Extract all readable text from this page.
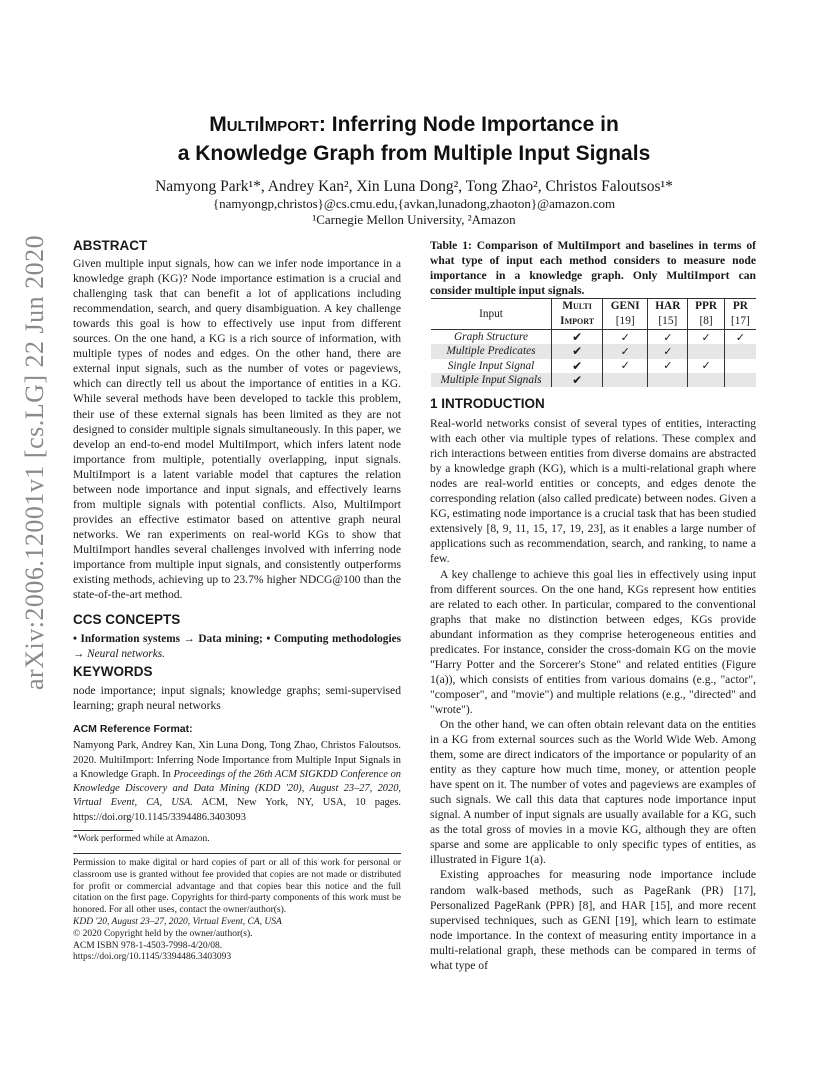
arXiv:2006.12001v1 [cs.LG] 22 Jun 2020
MultiImport: Inferring Node Importance in
a Knowledge Graph from Multiple Input Signals
Namyong Park¹*, Andrey Kan², Xin Luna Dong², Tong Zhao², Christos Faloutsos¹*
{namyongp,christos}@cs.cmu.edu,{avkan,lunadong,zhaoton}@amazon.com
¹Carnegie Mellon University, ²Amazon
ABSTRACT

Given multiple input signals, how can we infer node importance in a knowledge graph (KG)? Node importance estimation is a crucial and challenging task that can benefit a lot of applications including recommendation, search, and query disambiguation. A key challenge towards this goal is how to effectively use input from different sources. On the one hand, a KG is a rich source of information, with multiple types of nodes and edges. On the other hand, there are external input signals, such as the number of votes or pageviews, which can directly tell us about the importance of entities in a KG. While several methods have been developed to tackle this problem, their use of these external signals has been limited as they are not designed to consider multiple signals simultaneously. In this paper, we develop an end-to-end model MultiImport, which infers latent node importance from multiple, potentially overlapping, input signals. MultiImport is a latent variable model that captures the relation between node importance and input signals, and effectively learns from multiple signals with potential conflicts. Also, MultiImport provides an effective estimator based on attentive graph neural networks. We ran experiments on real-world KGs to show that MultiImport handles several challenges involved with inferring node importance from multiple input signals, and consistently outperforms existing methods, achieving up to 23.7% higher NDCG@100 than the state-of-the-art method.

CCS CONCEPTS

• Information systems → Data mining; • Computing methodologies → Neural networks.

KEYWORDS

node importance; input signals; knowledge graphs; semi-supervised learning; graph neural networks

ACM Reference Format:
Namyong Park, Andrey Kan, Xin Luna Dong, Tong Zhao, Christos Faloutsos. 2020. MultiImport: Inferring Node Importance from Multiple Input Signals in a Knowledge Graph. In Proceedings of the 26th ACM SIGKDD Conference on Knowledge Discovery and Data Mining (KDD '20), August 23–27, 2020, Virtual Event, CA, USA. ACM, New York, NY, USA, 10 pages. https://doi.org/10.1145/3394486.3403093
*Work performed while at Amazon.
Permission to make digital or hard copies of part or all of this work for personal or classroom use is granted without fee provided that copies are not made or distributed for profit or commercial advantage and that copies bear this notice and the full citation on the first page. Copyrights for third-party components of this work must be honored. For all other uses, contact the owner/author(s).
KDD '20, August 23–27, 2020, Virtual Event, CA, USA
© 2020 Copyright held by the owner/author(s).
ACM ISBN 978-1-4503-7998-4/20/08.
https://doi.org/10.1145/3394486.3403093
Table 1: Comparison of MultiImport and baselines in terms of what type of input each method considers to measure node importance in a knowledge graph. Only MultiImport can consider multiple input signals.
Input	Multi	GENI	HAR	PPR	PR
	Import	[19]	[15]	[8]	[17]

Graph Structure	✔	✓	✓	✓	✓
Multiple Predicates	✔	✓	✓		
Single Input Signal	✔	✓	✓	✓	
Multiple Input Signals	✔				
1 INTRODUCTION

Real-world networks consist of several types of entities, interacting with each other via multiple types of relations. These complex and rich interactions between entities from diverse domains are abstracted by a knowledge graph (KG), which is a multi-relational graph where nodes are real-world entities or concepts, and edges denote the corresponding relation (also called predicate) between nodes. Given a KG, estimating node importance is a crucial task that has been studied extensively [8, 9, 11, 15, 17, 19, 23], as it enables a large number of applications such as recommendation, search, and ranking, to name a few.

A key challenge to achieve this goal lies in effectively using input from different sources. On the one hand, KGs represent how entities are related to each other. In particular, compared to the conventional graphs that make no distinction between edges, KGs provide abundant information as they comprise heterogeneous entities and predicates. For instance, consider the cross-domain KG on the movie "Harry Potter and the Sorcerer's Stone" and related entities (Figure 1(a)), which consists of entities from various domains (e.g., "actor", "composer", and "movie") and multiple relations (e.g., "directed" and "wrote").

On the other hand, we can often obtain relevant data on the entities in a KG from external sources such as the World Wide Web. Among them, some are direct indicators of the importance or popularity of an entity as they capture how much time, money, or attention people have spent on it. The number of votes and pageviews are examples of such signals. We call this data that captures node importance input signal. A number of input signals are usually available for a KG, such as the total gross of movies in a movie KG, although they are often sparse and some are applicable to only specific types of entities, as illustrated in Figure 1(a).

Existing approaches for measuring node importance include random walk-based methods, such as PageRank (PR) [17], Personalized PageRank (PPR) [8], and HAR [15], and more recent supervised techniques, such as GENI [19], which learn to estimate node importance. In the context of measuring entity importance in a multi-relational graph, these methods can be compared in terms of what type of
